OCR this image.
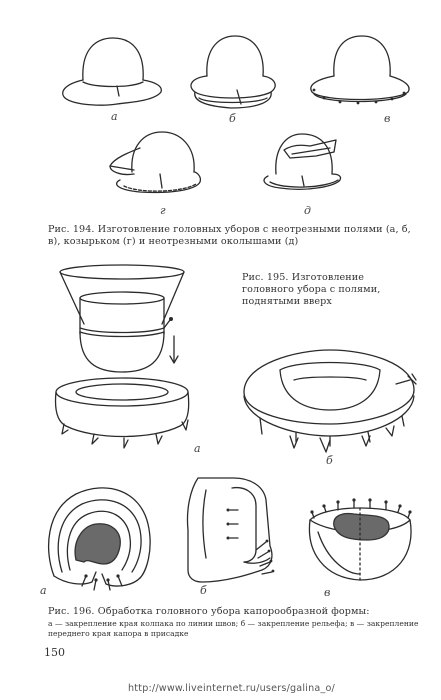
а	б	в
г	д
Рис. 194. Изготовление головных уборов с неотрезными полями (а, б, в), козырьком (г) и неотрезными околышами (д)
а
Рис. 195. Изготовление головного убора с полями, поднятыми вверх
б
а	б	в
Рис. 196. Обработка головного убора капорообразной формы:
а — закрепление края колпака по линии швов; б — закрепление рельефа; в — закрепление переднего края капора в присадке
150
http://www.liveinternet.ru/users/galina_o/
